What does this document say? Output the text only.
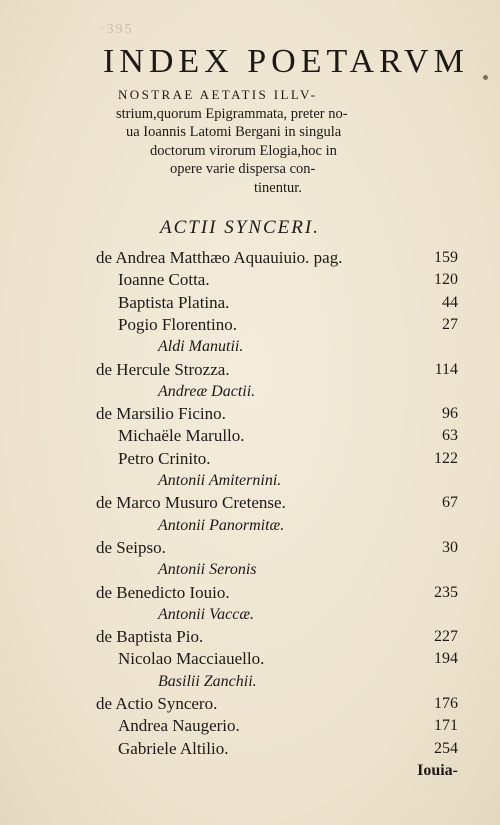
·395
INDEX POETARVM
NOSTRAE AETATIS ILLV-
strium,quorum Epigrammata, preter no-
ua Ioannis Latomi Bergani in singula
doctorum virorum Elogia,hoc in
opere varie dispersa con-
tinentur.
ACTII SYNCERI.
de Andrea Matthæo Aquauiuio. pag.	159
Ioanne Cotta.	120
Baptista Platina.	44
Pogio Florentino.	27
Aldi Manutii.
de Hercule Strozza.	114
Andreæ Dactii.
de Marsilio Ficino.	96
Michaële Marullo.	63
Petro Crinito.	122
Antonii Amiternini.
de Marco Musuro Cretense.	67
Antonii Panormitæ.
de Seipso.	30
Antonii Seronis
de Benedicto Iouio.	235
Antonii Vaccæ.
de Baptista Pio.	227
Nicolao Macciauello.	194
Basilii Zanchii.
de Actio Syncero.	176
Andrea Naugerio.	171
Gabriele Altilio.	254
Iouia-
